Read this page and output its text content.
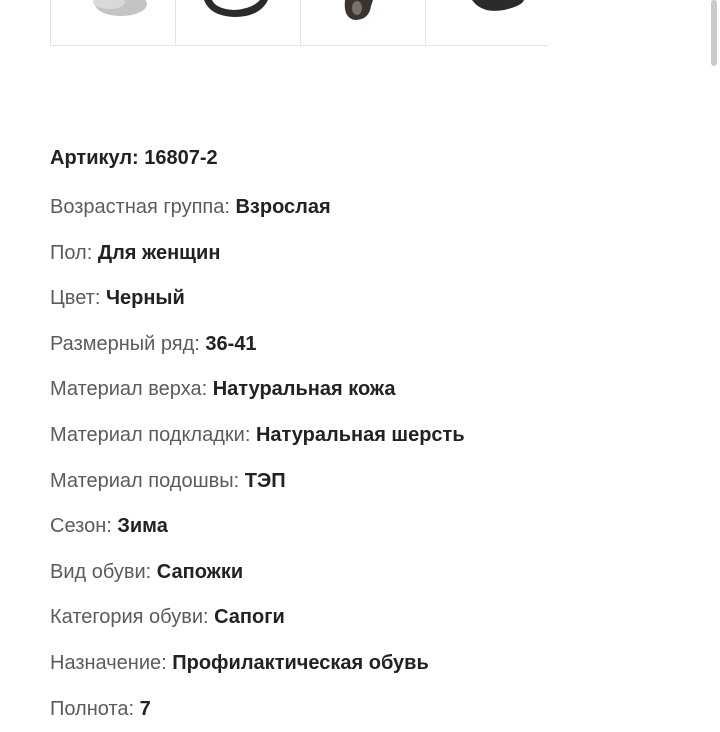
Артикул: 16807-2
Возрастная группа: Взрослая
Пол: Для женщин
Цвет: Черный
Размерный ряд: 36-41
Материал верха: Натуральная кожа
Материал подкладки: Натуральная шерсть
Материал подошвы: ТЭП
Сезон: Зима
Вид обуви: Сапожки
Категория обуви: Сапоги
Назначение: Профилактическая обувь
Полнота: 7
